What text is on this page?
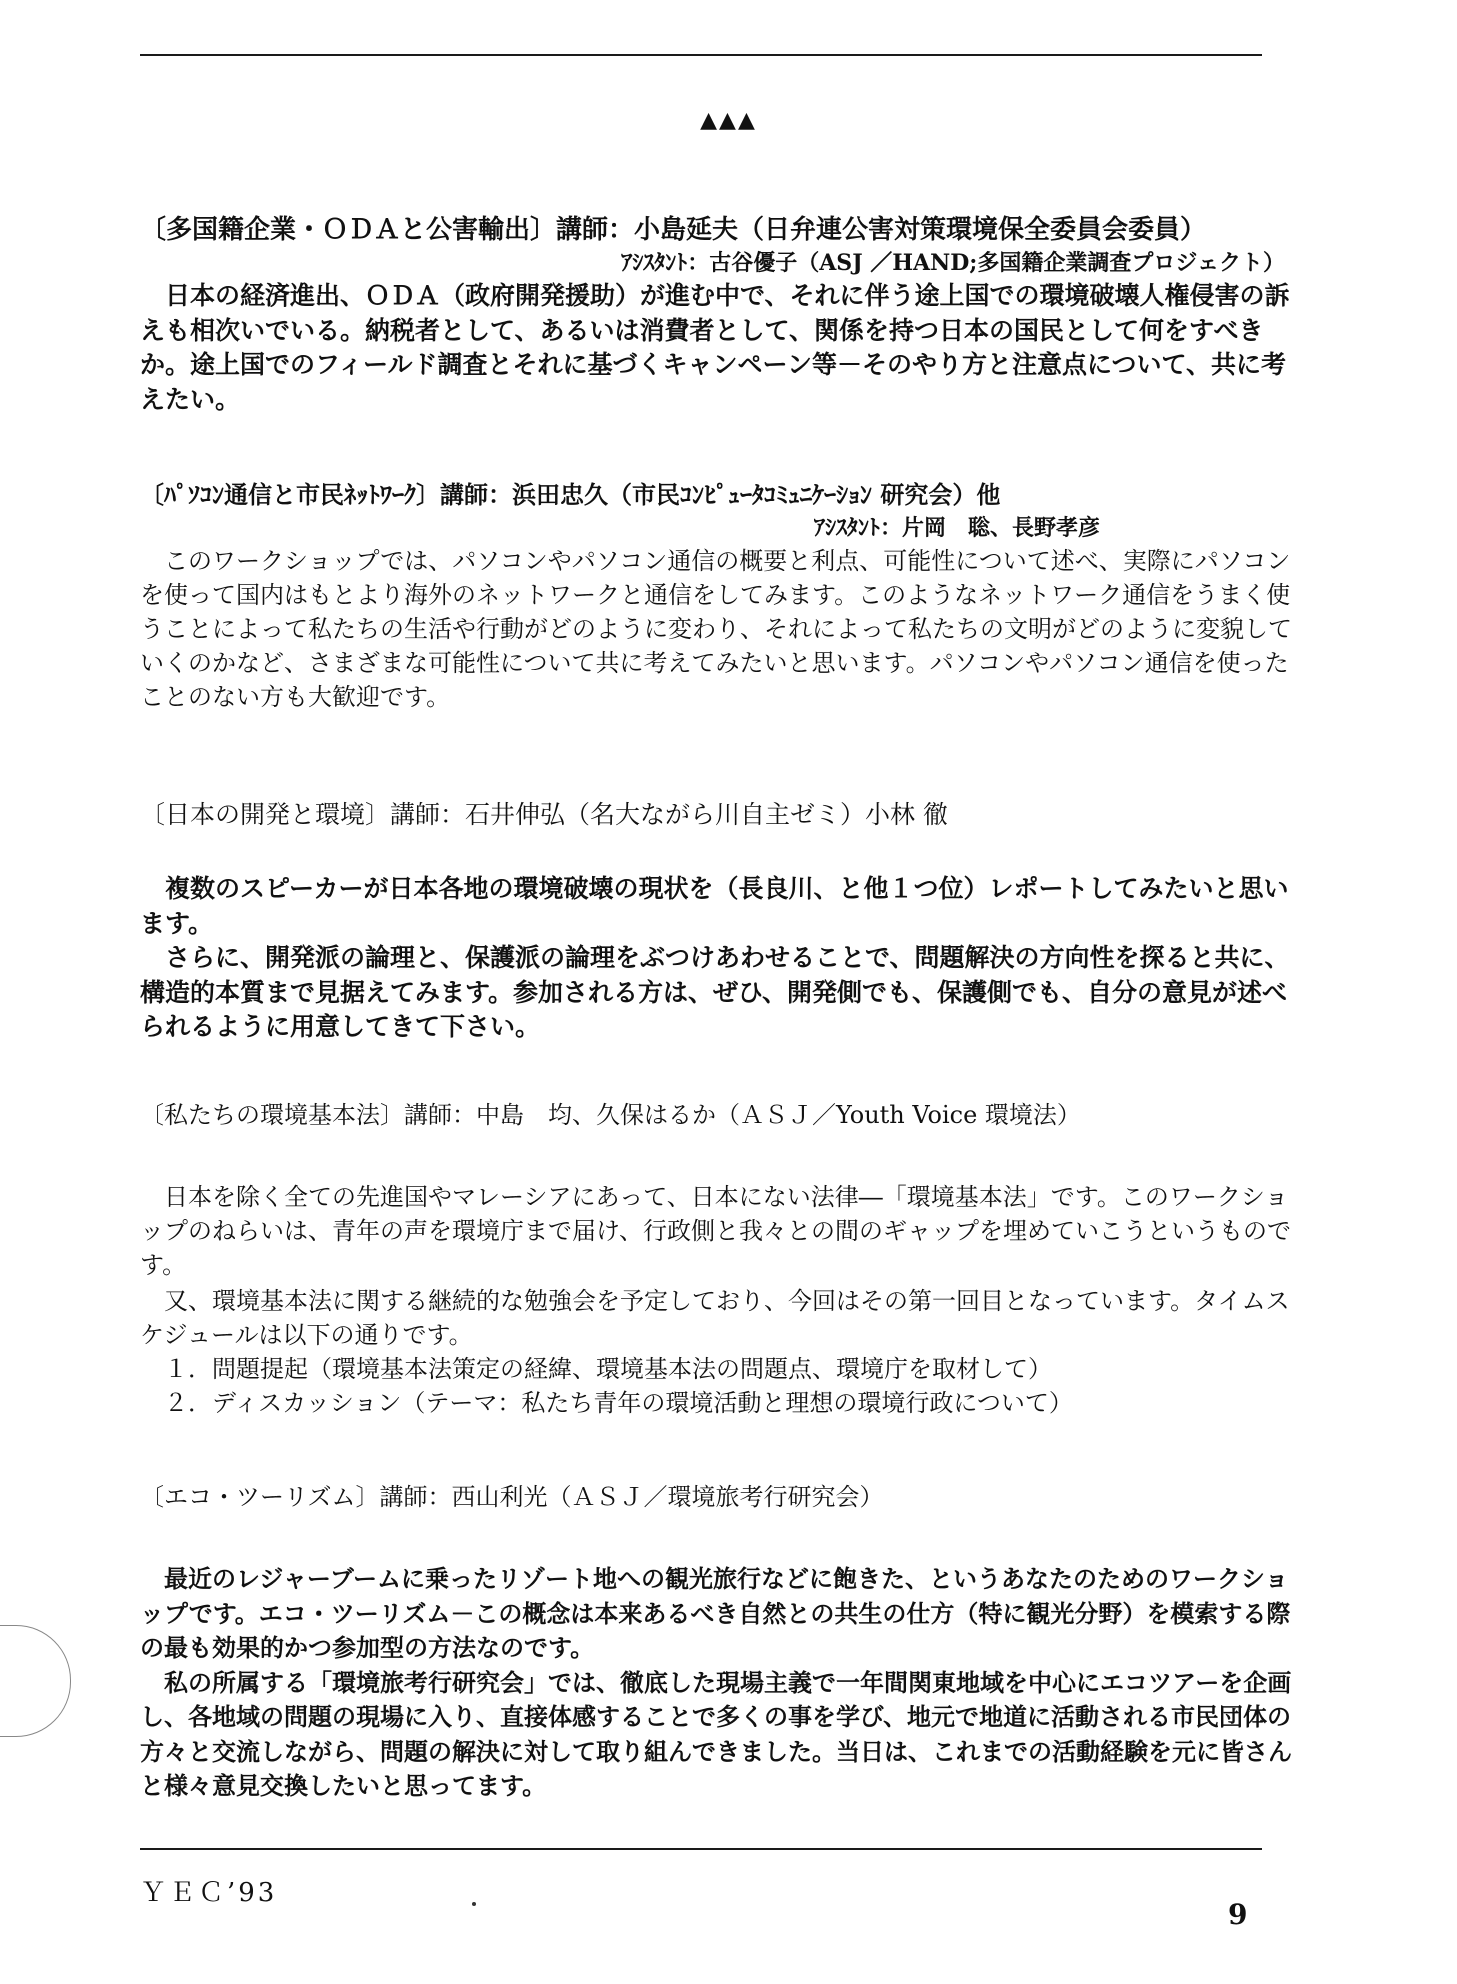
▲▲▲
〔多国籍企業・ＯＤＡと公害輸出〕講師：小島延夫（日弁連公害対策環境保全委員会委員）
ｱｼｽﾀﾝﾄ：古谷優子（ASJ ／HAND;多国籍企業調査プロジェクト）

　日本の経済進出、ＯＤＡ（政府開発援助）が進む中で、それに伴う途上国での環境破壊人権侵害の訴えも相次いでいる。納税者として、あるいは消費者として、関係を持つ日本の国民として何をすべきか。途上国でのフィールド調査とそれに基づくキャンペーン等－そのやり方と注意点について、共に考えたい。

〔ﾊﾟｿｺﾝ通信と市民ﾈｯﾄﾜｰｸ〕講師：浜田忠久（市民ｺﾝﾋﾟｭｰﾀｺﾐｭﾆｹｰｼｮﾝ 研究会）他
ｱｼｽﾀﾝﾄ：片岡　聡、長野孝彦

　このワークショップでは、パソコンやパソコン通信の概要と利点、可能性について述べ、実際にパソコンを使って国内はもとより海外のネットワークと通信をしてみます。このようなネットワーク通信をうまく使うことによって私たちの生活や行動がどのように変わり、それによって私たちの文明がどのように変貌していくのかなど、さまざまな可能性について共に考えてみたいと思います。パソコンやパソコン通信を使ったことのない方も大歓迎です。

〔日本の開発と環境〕講師：石井伸弘（名大ながら川自主ゼミ）小林 徹

　複数のスピーカーが日本各地の環境破壊の現状を（長良川、と他１つ位）レポートしてみたいと思います。

　さらに、開発派の論理と、保護派の論理をぶつけあわせることで、問題解決の方向性を探ると共に、構造的本質まで見据えてみます。参加される方は、ぜひ、開発側でも、保護側でも、自分の意見が述べられるように用意してきて下さい。

〔私たちの環境基本法〕講師：中島　均、久保はるか（ＡＳＪ／Youth Voice 環境法）

　日本を除く全ての先進国やマレーシアにあって、日本にない法律―「環境基本法」です。このワークショップのねらいは、青年の声を環境庁まで届け、行政側と我々との間のギャップを埋めていこうというものです。

　又、環境基本法に関する継続的な勉強会を予定しており、今回はその第一回目となっています。タイムスケジュールは以下の通りです。

　１．問題提起（環境基本法策定の経緯、環境基本法の問題点、環境庁を取材して）

　２．ディスカッション（テーマ：私たち青年の環境活動と理想の環境行政について）

〔エコ・ツーリズム〕講師：西山利光（ＡＳＪ／環境旅考行研究会）

　最近のレジャーブームに乗ったリゾート地への観光旅行などに飽きた、というあなたのためのワークショップです。エコ・ツーリズム－この概念は本来あるべき自然との共生の仕方（特に観光分野）を模索する際の最も効果的かつ参加型の方法なのです。

　私の所属する「環境旅考行研究会」では、徹底した現場主義で一年間関東地域を中心にエコツアーを企画し、各地域の問題の現場に入り、直接体感することで多くの事を学び、地元で地道に活動される市民団体の方々と交流しながら、問題の解決に対して取り組んできました。当日は、これまでの活動経験を元に皆さんと様々意見交換したいと思ってます。

ＹＥＣ’93
9
